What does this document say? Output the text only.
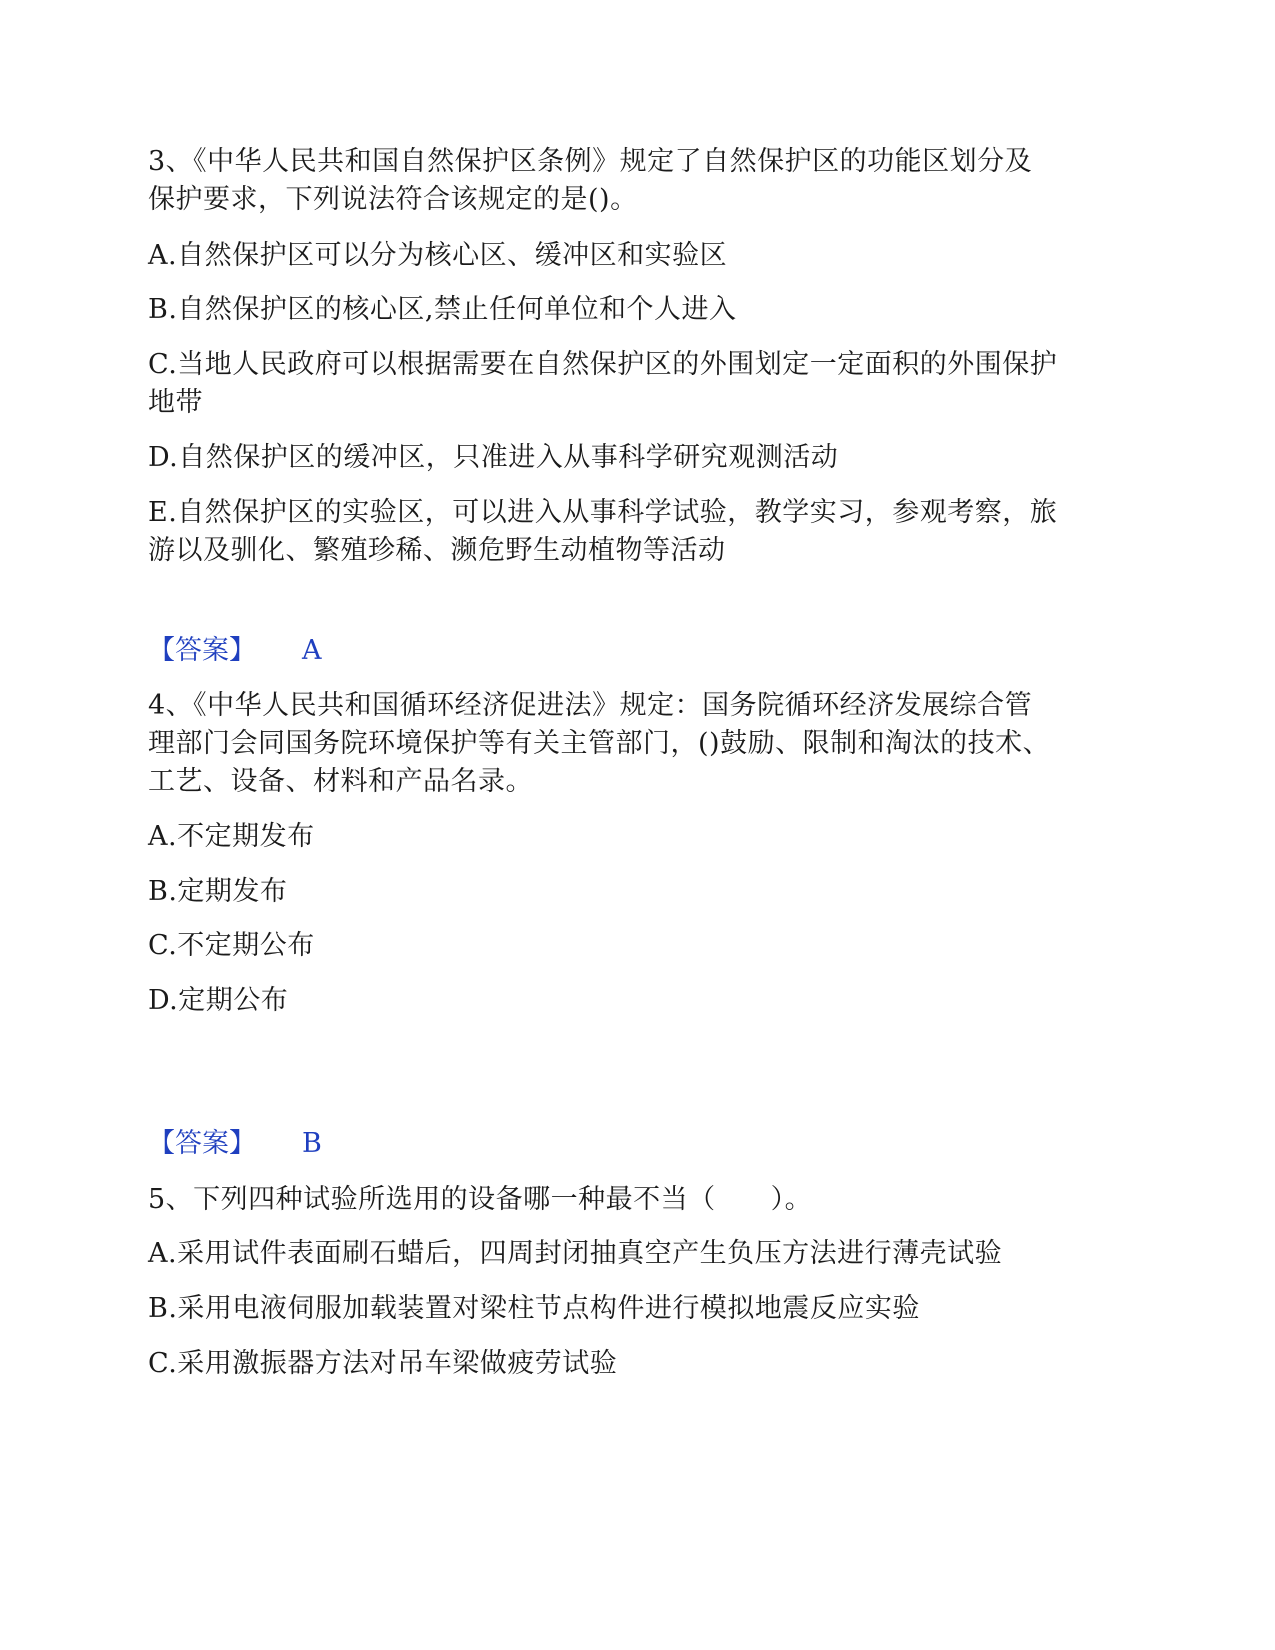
3、《中华人民共和国自然保护区条例》规定了自然保护区的功能区划分及
保护要求，下列说法符合该规定的是()。
A.自然保护区可以分为核心区、缓冲区和实验区
B.自然保护区的核心区,禁止任何单位和个人进入
C.当地人民政府可以根据需要在自然保护区的外围划定一定面积的外围保护
地带
D.自然保护区的缓冲区，只准进入从事科学研究观测活动
E.自然保护区的实验区，可以进入从事科学试验，教学实习，参观考察，旅
游以及驯化、繁殖珍稀、濒危野生动植物等活动
【答案】 A
4、《中华人民共和国循环经济促进法》规定：国务院循环经济发展综合管
理部门会同国务院环境保护等有关主管部门，()鼓励、限制和淘汰的技术、
工艺、设备、材料和产品名录。
A.不定期发布
B.定期发布
C.不定期公布
D.定期公布
【答案】 B
5、下列四种试验所选用的设备哪一种最不当（　　）。
A.采用试件表面刷石蜡后，四周封闭抽真空产生负压方法进行薄壳试验
B.采用电液伺服加载装置对梁柱节点构件进行模拟地震反应实验
C.采用激振器方法对吊车梁做疲劳试验
